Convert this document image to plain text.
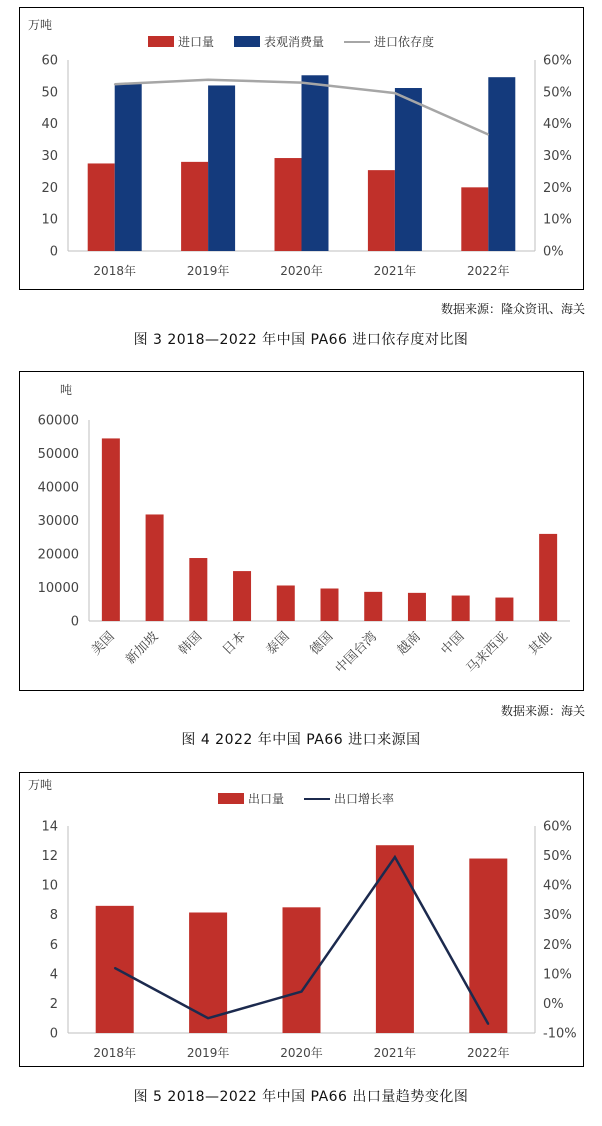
万吨
0
10
20
30
40
50
60
0%
10%
20%
30%
40%
50%
60%
2018年	2019年	2020年	2021年	2022年
进口量	表观消费量	进口依存度
数据来源：隆众资讯、海关
图 3 2018—2022 年中国 PA66 进口依存度对比图
吨
0
10000
20000
30000
40000
50000
60000
美国 新加坡 韩国 日本 泰国 德国
中国台湾 越南 中国
马来西亚 其他
数据来源：海关
图 4 2022 年中国 PA66 进口来源国
万吨
0
2
4
6
8
10
12
14
-10%
0%
10%
20%
30%
40%
50%
60%
2018年	2019年	2020年	2021年	2022年
出口量	出口增长率
图 5 2018—2022 年中国 PA66 出口量趋势变化图
